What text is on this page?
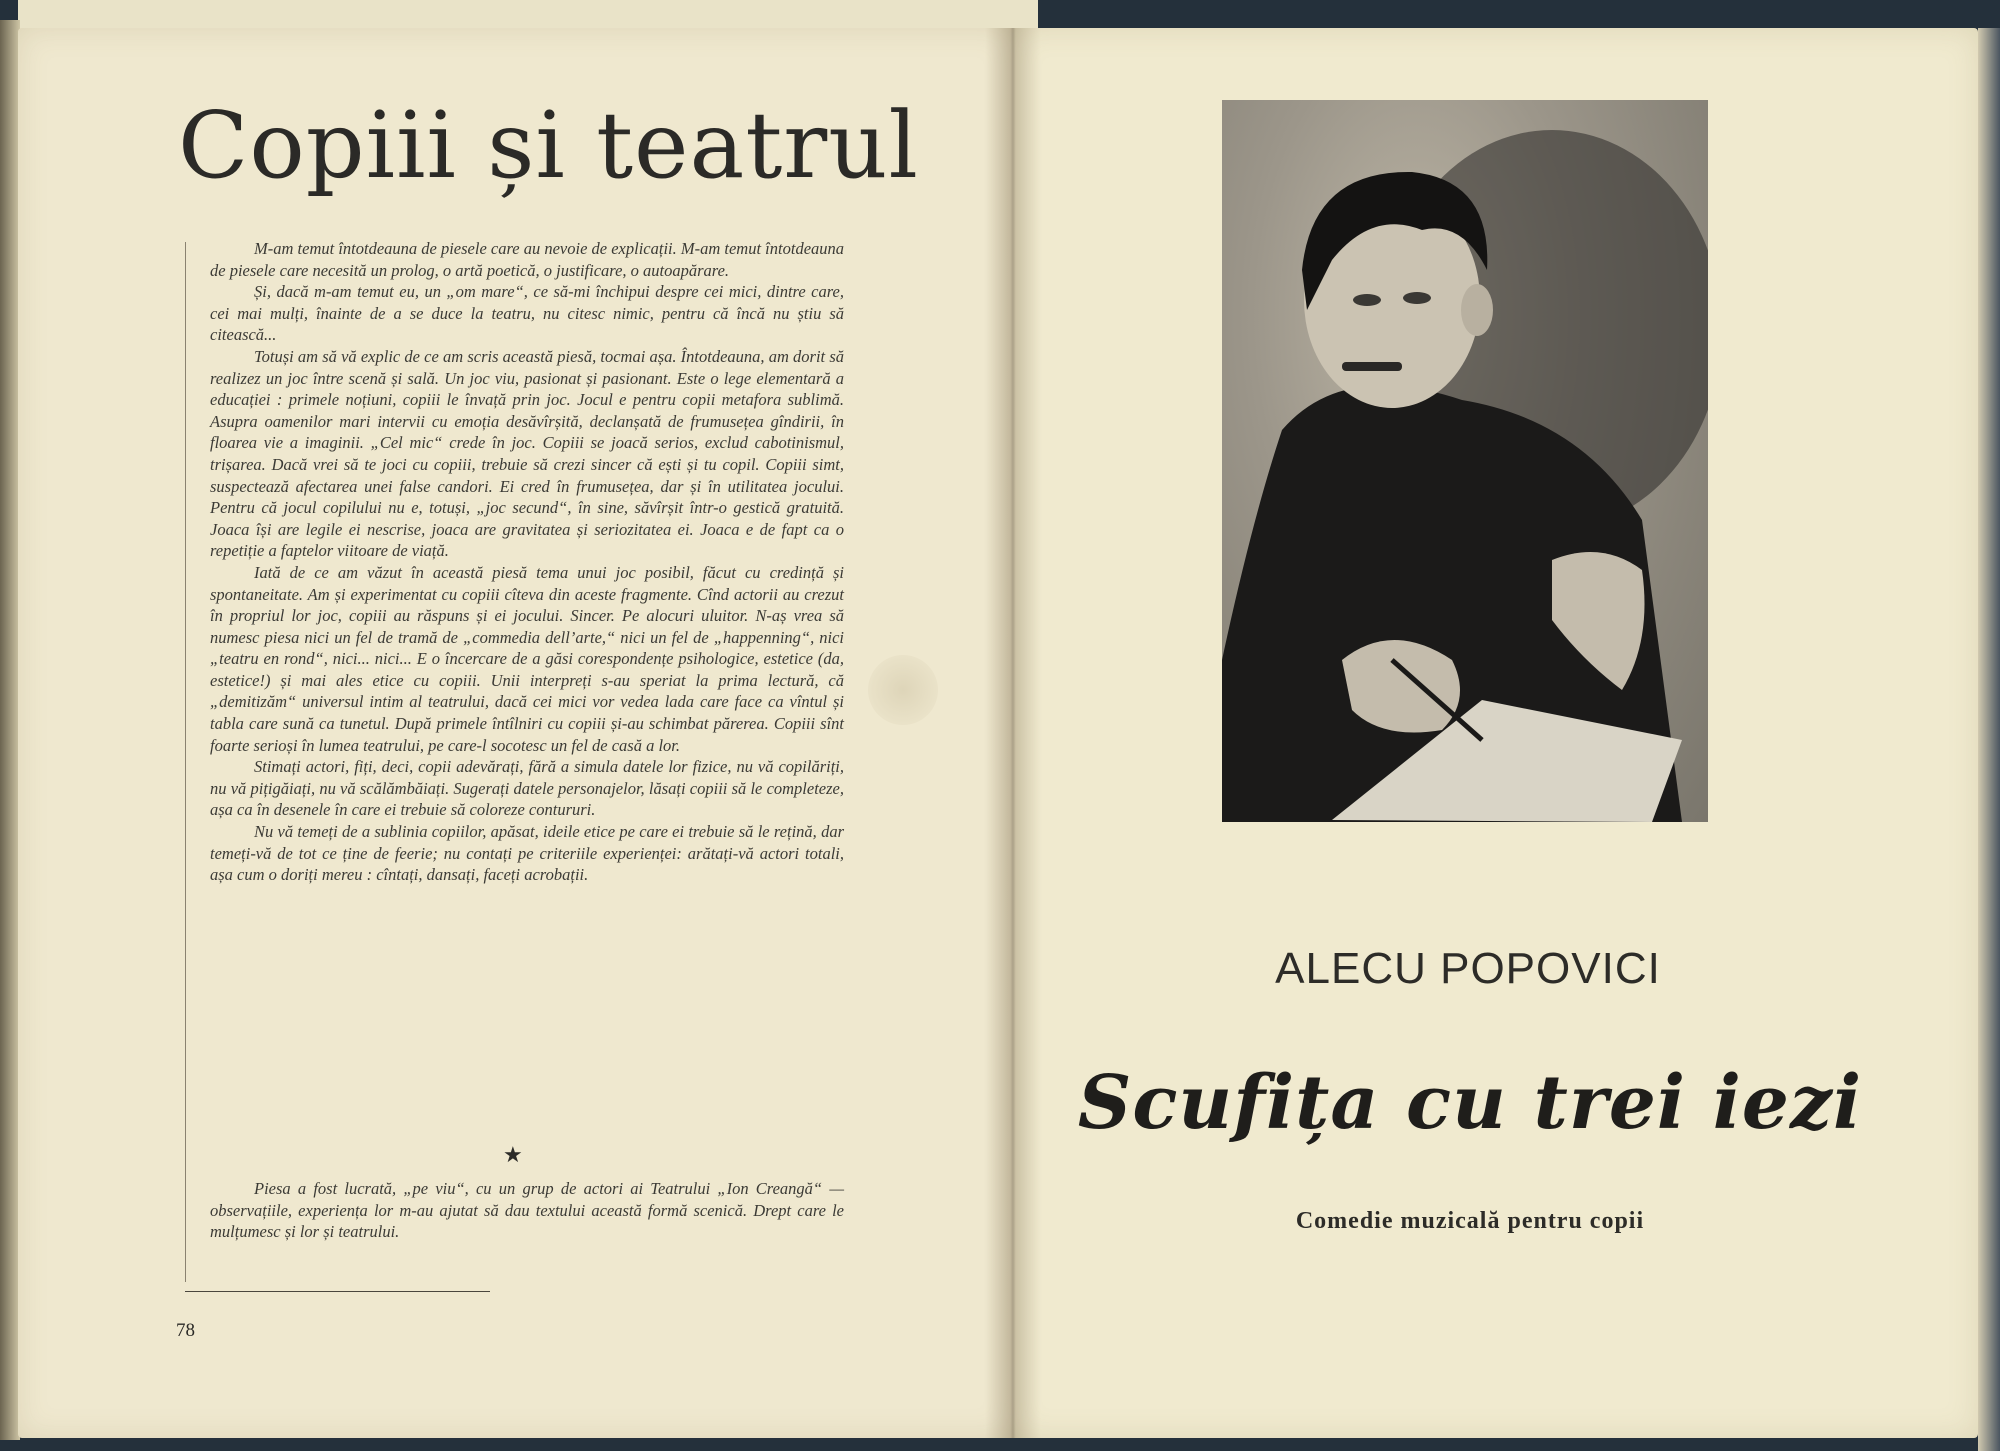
Copiii și teatrul

M-am temut întotdeauna de piesele care au nevoie de explicații. M-am temut întotdeauna de piesele care necesită un prolog, o artă poetică, o justificare, o autoapărare.

Și, dacă m-am temut eu, un „om mare“, ce să-mi închipui despre cei mici, dintre care, cei mai mulți, înainte de a se duce la teatru, nu citesc nimic, pentru că încă nu știu să citească...

Totuși am să vă explic de ce am scris această piesă, tocmai așa. Întotdeauna, am dorit să realizez un joc între scenă și sală. Un joc viu, pasionat și pasionant. Este o lege elementară a educației : primele noțiuni, copiii le învață prin joc. Jocul e pentru copii metafora sublimă. Asupra oamenilor mari intervii cu emoția desăvîrșită, declanșată de frumusețea gîndirii, în floarea vie a imaginii. „Cel mic“ crede în joc. Copiii se joacă serios, exclud cabotinismul, trișarea. Dacă vrei să te joci cu copiii, trebuie să crezi sincer că ești și tu copil. Copiii simt, suspectează afectarea unei false candori. Ei cred în frumusețea, dar și în utilitatea jocului. Pentru că jocul copilului nu e, totuși, „joc secund“, în sine, săvîrșit într-o gestică gratuită. Joaca își are legile ei nescrise, joaca are gravitatea și seriozitatea ei. Joaca e de fapt ca o repetiție a faptelor viitoare de viață.

Iată de ce am văzut în această piesă tema unui joc posibil, făcut cu credință și spontaneitate. Am și experimentat cu copiii cîteva din aceste fragmente. Cînd actorii au crezut în propriul lor joc, copiii au răspuns și ei jocului. Sincer. Pe alocuri uluitor. N-aș vrea să numesc piesa nici un fel de tramă de „commedia dell’arte,“ nici un fel de „happenning“, nici „teatru en rond“, nici... nici... E o încercare de a găsi corespondențe psihologice, estetice (da, estetice!) și mai ales etice cu copiii. Unii interpreți s-au speriat la prima lectură, că „demitizăm“ universul intim al teatrului, dacă cei mici vor vedea lada care face ca vîntul și tabla care sună ca tunetul. După primele întîlniri cu copiii și-au schimbat părerea. Copiii sînt foarte serioși în lumea teatrului, pe care-l socotesc un fel de casă a lor.

Stimați actori, fiți, deci, copii adevărați, fără a simula datele lor fizice, nu vă copilăriți, nu vă pițigăiați, nu vă scălămbăiați. Sugerați datele personajelor, lăsați copiii să le completeze, așa ca în desenele în care ei trebuie să coloreze contururi.

Nu vă temeți de a sublinia copiilor, apăsat, ideile etice pe care ei trebuie să le rețină, dar temeți-vă de tot ce ține de feerie; nu contați pe criteriile experienței: arătați-vă actori totali, așa cum o doriți mereu : cîntați, dansați, faceți acrobații.

★

Piesa a fost lucrată, „pe viu“, cu un grup de actori ai Teatrului „Ion Creangă“ — observațiile, experiența lor m-au ajutat să dau textului această formă scenică. Drept care le mulțumesc și lor și teatrului.

78
ALECU POPOVICI
Scufița cu trei iezi
Comedie muzicală pentru copii
